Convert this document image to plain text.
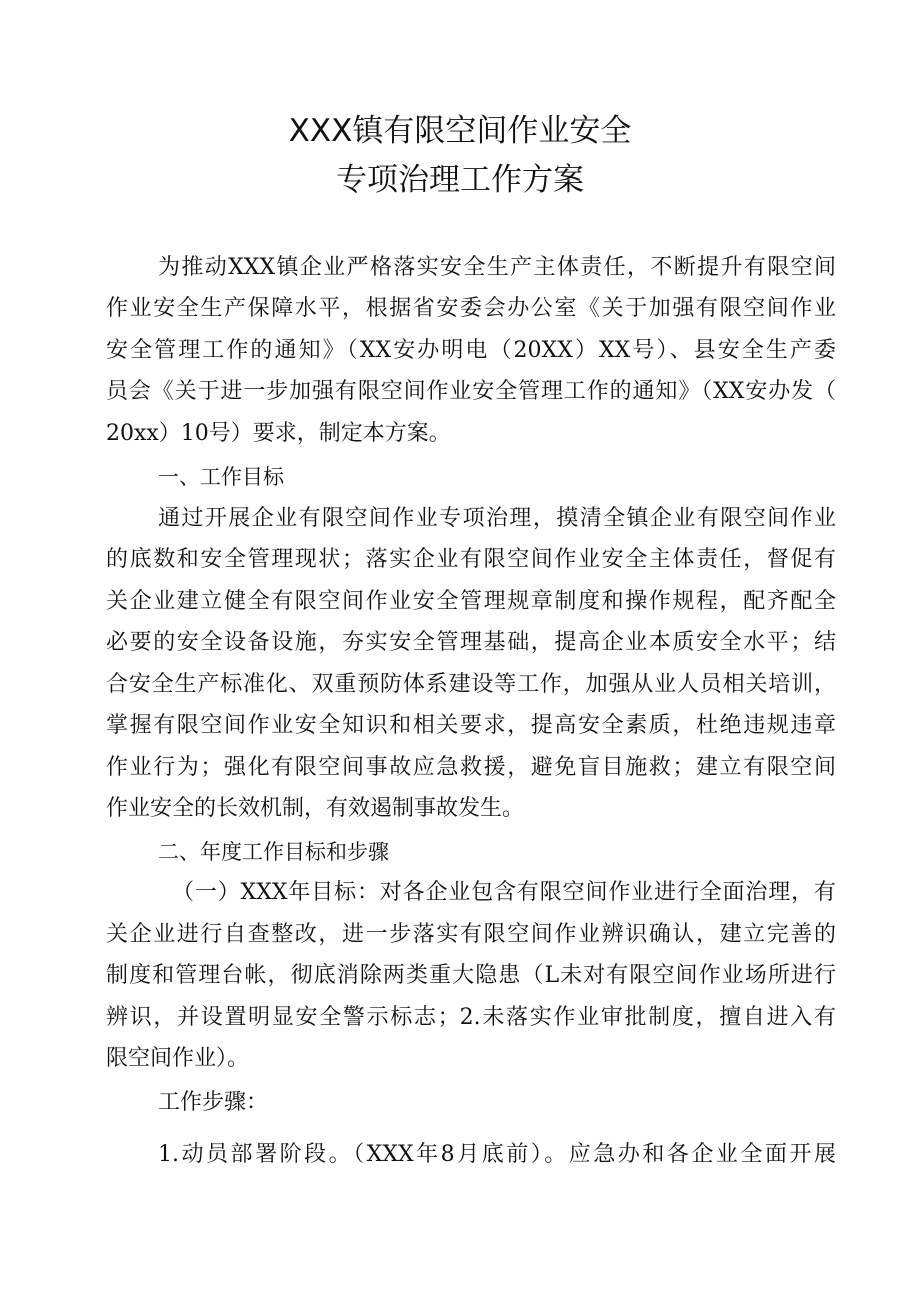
XXX镇有限空间作业安全
专项治理工作方案
为推动XXX镇企业严格落实安全生产主体责任，不断提升有限空间
作业安全生产保障水平，根据省安委会办公室《关于加强有限空间作业
安全管理工作的通知》（XX安办明电（20XX）XX号）、县安全生产委
员会《关于进一步加强有限空间作业安全管理工作的通知》（XX安办发（
20xx）10号）要求，制定本方案。
一、工作目标
通过开展企业有限空间作业专项治理，摸清全镇企业有限空间作业
的底数和安全管理现状；落实企业有限空间作业安全主体责任，督促有
关企业建立健全有限空间作业安全管理规章制度和操作规程，配齐配全
必要的安全设备设施，夯实安全管理基础，提高企业本质安全水平；结
合安全生产标准化、双重预防体系建设等工作，加强从业人员相关培训，
掌握有限空间作业安全知识和相关要求，提高安全素质，杜绝违规违章
作业行为；强化有限空间事故应急救援，避免盲目施救；建立有限空间
作业安全的长效机制，有效遏制事故发生。
二、年度工作目标和步骤
（一）XXX年目标：对各企业包含有限空间作业进行全面治理，有
关企业进行自查整改，进一步落实有限空间作业辨识确认，建立完善的
制度和管理台帐，彻底消除两类重大隐患（L未对有限空间作业场所进行
辨识，并设置明显安全警示标志；2.未落实作业审批制度，擅自进入有
限空间作业）。
工作步骤：
1.动员部署阶段。（XXX年8月底前）。应急办和各企业全面开展
